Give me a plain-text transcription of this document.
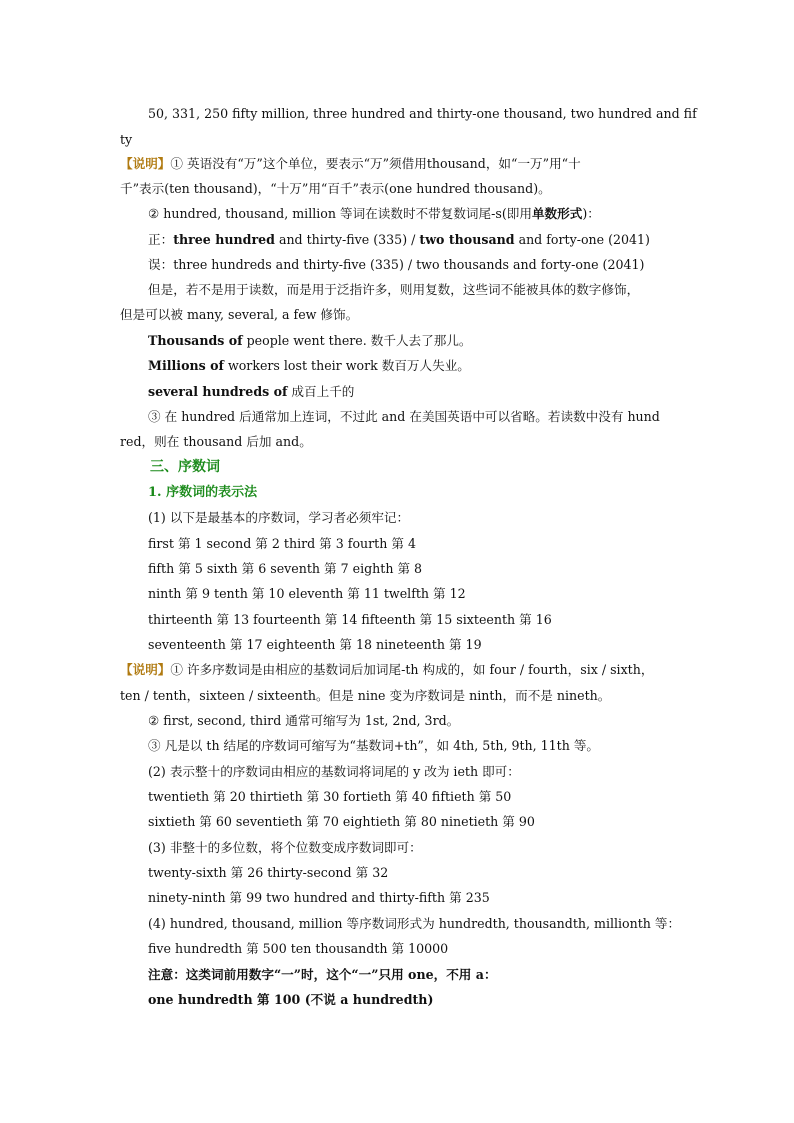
50, 331, 250 fifty million, three hundred and thirty-one thousand, two hundred and fif
ty
【说明】① 英语没有“万”这个单位，要表示“万”须借用thousand，如“一万”用“十
千”表示(ten thousand)，“十万”用“百千”表示(one hundred thousand)。
② hundred, thousand, million 等词在读数时不带复数词尾-s(即用单数形式)：
正：three hundred and thirty-five (335) / two thousand and forty-one (2041)
误：three hundreds and thirty-five (335) / two thousands and forty-one (2041)
但是，若不是用于读数，而是用于泛指许多，则用复数，这些词不能被具体的数字修饰，
但是可以被 many, several, a few 修饰。
Thousands of people went there. 数千人去了那儿。
Millions of workers lost their work 数百万人失业。
several hundreds of 成百上千的
③ 在 hundred 后通常加上连词，不过此 and 在美国英语中可以省略。若读数中没有 hund
red，则在 thousand 后加 and。
三、序数词
1. 序数词的表示法
(1) 以下是最基本的序数词，学习者必须牢记：
first 第 1 second 第 2 third 第 3 fourth 第 4
fifth 第 5 sixth 第 6 seventh 第 7 eighth 第 8
ninth 第 9 tenth 第 10 eleventh 第 11 twelfth 第 12
thirteenth 第 13 fourteenth 第 14 fifteenth 第 15 sixteenth 第 16
seventeenth 第 17 eighteenth 第 18 nineteenth 第 19
【说明】① 许多序数词是由相应的基数词后加词尾-th 构成的，如 four / fourth，six / sixth，
ten / tenth，sixteen / sixteenth。但是 nine 变为序数词是 ninth，而不是 nineth。
② first, second, third 通常可缩写为 1st, 2nd, 3rd。
③ 凡是以 th 结尾的序数词可缩写为“基数词+th”，如 4th, 5th, 9th, 11th 等。
(2) 表示整十的序数词由相应的基数词将词尾的 y 改为 ieth 即可：
twentieth 第 20 thirtieth 第 30 fortieth 第 40 fiftieth 第 50
sixtieth 第 60 seventieth 第 70 eightieth 第 80 ninetieth 第 90
(3) 非整十的多位数，将个位数变成序数词即可：
twenty-sixth 第 26 thirty-second 第 32
ninety-ninth 第 99 two hundred and thirty-fifth 第 235
(4) hundred, thousand, million 等序数词形式为 hundredth, thousandth, millionth 等：
five hundredth 第 500 ten thousandth 第 10000
注意：这类词前用数字“一”时，这个“一”只用 one，不用 a：
one hundredth 第 100 (不说 a hundredth)
